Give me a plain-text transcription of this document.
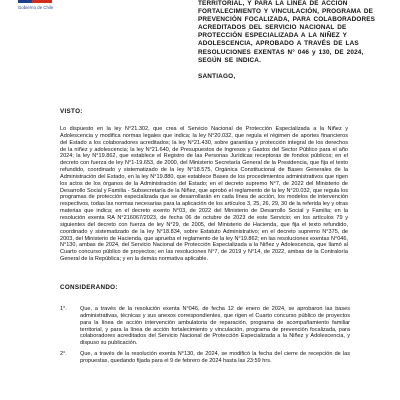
Gobierno de Chile
TERRITORIAL, Y PARA LA LÍNEA DE ACCIÓN
FORTALECIMIENTO Y VINCULACIÓN, PROGRAMA DE
PREVENCIÓN FOCALIZADA, PARA COLABORADORES
ACREDITADOS DEL SERVICIO NACIONAL DE
PROTECCIÓN ESPECIALIZADA A LA NIÑEZ Y
ADOLESCENCIA, APROBADO A TRAVÉS DE LAS
RESOLUCIONES EXENTAS N° 046 y 130, DE 2024,
SEGÚN SE INDICA.
SANTIAGO,
VISTO:
Lo dispuesto en la ley N°21.302, que crea el Servicio Nacional de Protección Especializada a la Niñez y Adolescencia y modifica normas legales que indica; la ley N°20.032, que regula el régimen de aportes financieros del Estado a los colaboradores acreditados; la ley N°21.430, sobre garantías y protección integral de los derechos de la niñez y adolescencia; la ley N°21.640, de Presupuestos de Ingresos y Gastos del Sector Público para el año 2024; la ley N°19.862, que establece el Registro de las Personas Jurídicas receptoras de fondos públicos; en el decreto con fuerza de ley N°1-19.653, de 2000, del Ministerio Secretaría General de la Presidencia, que fija el texto refundido, coordinado y sistematizado de la ley N°18.575, Orgánica Constitucional de Bases Generales de la Administración del Estado, en la ley N°19.880, que establece Bases de los procedimientos administrativos que rigen los actos de los órganos de la Administración del Estado; en el decreto supremo N°7, de 2022 del Ministerio de Desarrollo Social y Familia - Subsecretaría de la Niñez, que aprobó el reglamento de la ley N°20.032, que regula los programas de protección especializada que se desarrollarán en cada línea de acción, los modelos de intervención respectivos, todas las normas necesarias para la aplicación de los artículos 3, 25, 26, 29, 30 de la referida ley y otras materias que indica; en el decreto exento N°03, de 2022 del Ministerio de Desarrollo Social y Familia; en la resolución exenta RA N°216067/2023, de fecha 06 de octubre de 2023 de este Servicio; en los artículos 79 y siguientes del decreto con fuerza de ley N°29, de 2005, del Ministerio de Hacienda, que fija el texto refundido, coordinado y sistematizado de la ley N°18.834, sobre Estatuto Administrativo; en el decreto supremo N°375, de 2003, del Ministerio de Hacienda, que aprueba el reglamento de la ley N°19.862; en las resoluciones exentas N°046, N°130, ambas de 2024, del Servicio Nacional de Protección Especializada a la Niñez y Adolescencia, que llamó al Cuarto concurso público de proyectos; en las resoluciones N°7, de 2019 y N°14, de 2022, ambas de la Contraloría General de la República; y en la demás normativa aplicable.
CONSIDERANDO:
1°. Que, a través de la resolución exenta N°046, de fecha 12 de enero de 2024, se aprobaron las bases administrativas, técnicas y sus anexos correspondientes, que rigen el Cuarto concurso público de proyectos para la línea de acción intervención ambulatoria de reparación, programa de acompañamiento familiar territorial, y para la línea de acción fortalecimiento y vinculación, programa de prevención focalizada, para colaboradores acreditados del Servicio Nacional de Protección Especializada a la Niñez y Adolescencia, y dispuso su publicación.
2°. Que, a través de la resolución exenta N°130, de 2024, se modificó la fecha del cierre de recepción de las propuestas, quedando fijada para el 9 de febrero de 2024 hasta las 23:59 hrs.
